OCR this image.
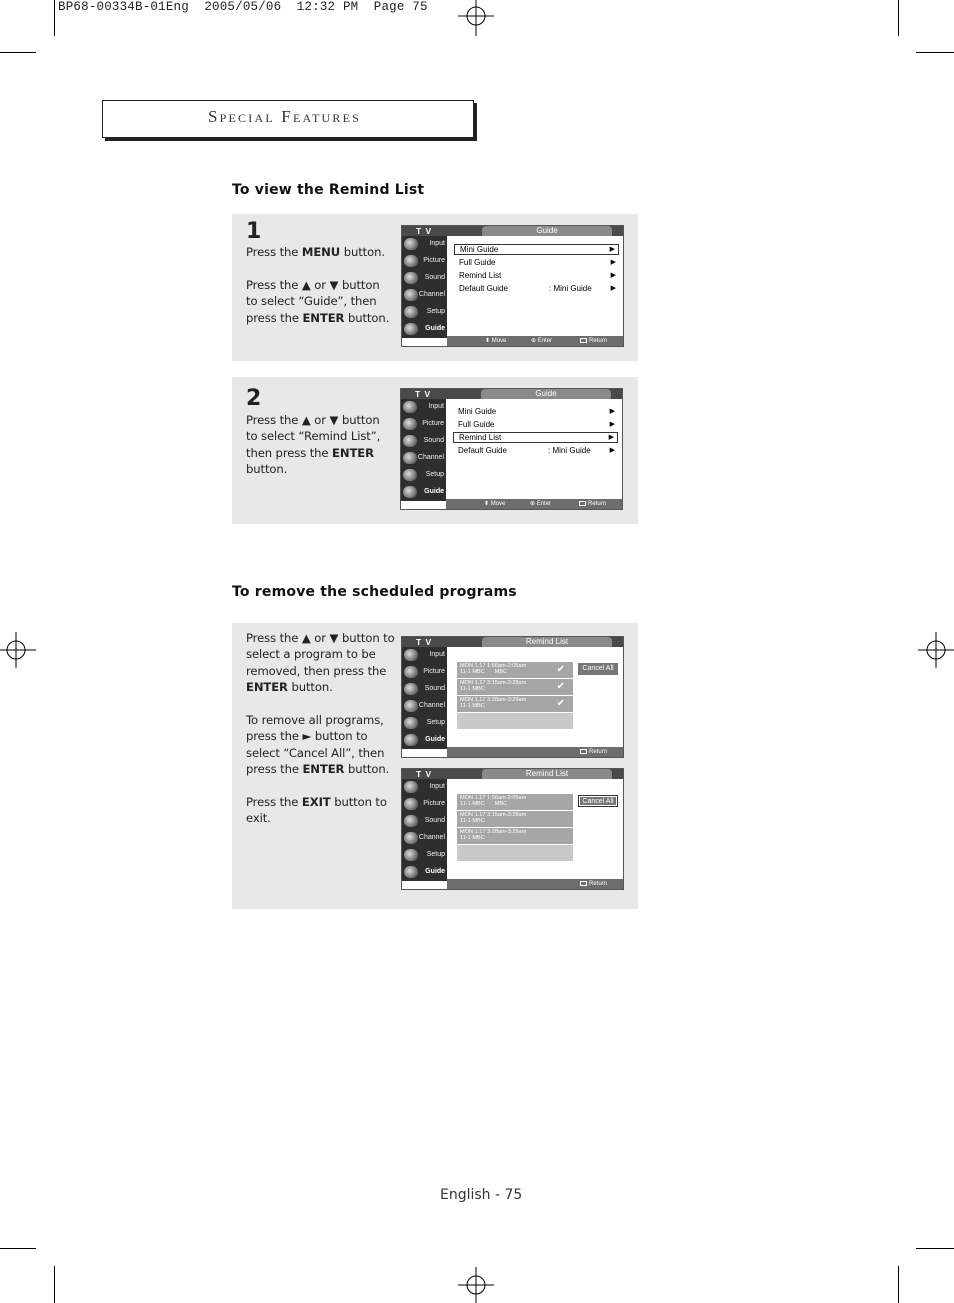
BP68-00334B-01Eng  2005/05/06  12:32 PM  Page 75
Special Features
To view the Remind List
1

Press the MENU button.

Press the ▲ or ▼ button to select “Guide”, then press the ENTER button.

T V	Guide
Input
Picture
Sound
Channel
Setup
Guide
Mini Guide	▶
Full Guide	▶
Remind List	▶
Default Guide	: Mini Guide	▶
⬍ Move	⊕ Enter	Return
2

Press the ▲ or ▼ button to select “Remind List”, then press the ENTER button.

T V	Guide
Input
Picture
Sound
Channel
Setup
Guide
Mini Guide	▶
Full Guide	▶
Remind List	▶
Default Guide	: Mini Guide	▶
⬍ Move	⊕ Enter	Return
To remove the scheduled programs

Press the ▲ or ▼ button to select a program to be removed, then press the ENTER button.

To remove all programs, press the ► button to select “Cancel All”, then press the ENTER button.

Press the EXIT button to exit.

T V	Remind List
Input
Picture
Sound
Channel
Setup
Guide
MON 1.17 1:56am-2:05am
11-1 MBC MBC	✔
MON 1.17 3:15am-3:28am
11-1 MBC	✔
MON 1.17 3:28am-3:29am
11-1 MBC	✔
Cancel All
Return
T V	Remind List
Input
Picture
Sound
Channel
Setup
Guide
MON 1.17 1:56am-2:05am
11-1 MBC MBC
MON 1.17 3:15am-3:28am
11-1 MBC
MON 1.17 3:28am-3:29am
11-1 MBC
Cancel All
Return
English - 75
